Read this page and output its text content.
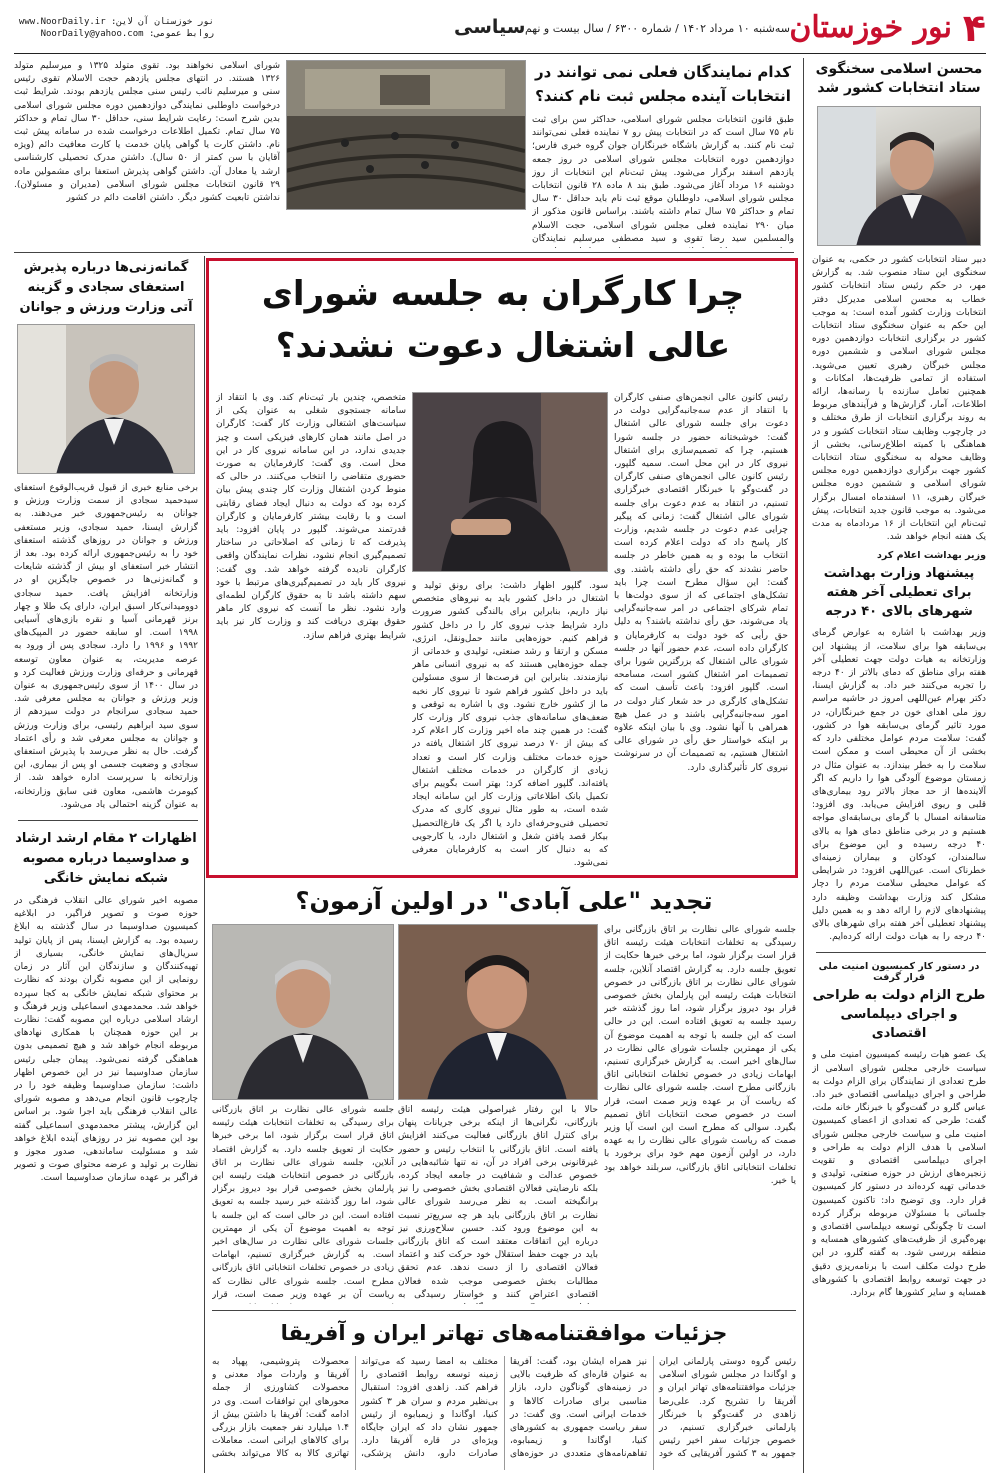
۴
نور خوزستان
سه‌شنبه ۱۰ مرداد ۱۴۰۲ / شماره ۶۳۰۰ / سال بیست و نهم
سیاسی
نور خوزستان آن لاین: www.NoorDaily.ir
روابط عمومی: NoorDaily@yahoo.com
محسن اسلامی سخنگوی ستاد انتخابات کشور شد
دبیر ستاد انتخابات کشور در حکمی، به عنوان سخنگوی این ستاد منصوب شد. به گزارش مهر، در حکم رئیس ستاد انتخابات کشور خطاب به محسن اسلامی مدیرکل دفتر انتخابات وزارت کشور آمده است: به موجب این حکم به عنوان سخنگوی ستاد انتخابات کشور در برگزاری انتخابات دوازدهمین دوره مجلس شورای اسلامی و ششمین دوره مجلس خبرگان رهبری تعیین می‌شوید. استفاده از تمامی ظرفیت‌ها، امکانات و همچنین تعامل سازنده با رسانه‌ها، ارائه اطلاعات، آمار، گزارش‌ها و فرآیندهای مربوط به روند برگزاری انتخابات از طرق مختلف و در چارچوب وظایف ستاد انتخابات کشور و در هماهنگی با کمیته اطلاع‌رسانی، بخشی از وظایف محوله به سخنگوی ستاد انتخابات کشور جهت برگزاری دوازدهمین دوره مجلس شورای اسلامی و ششمین دوره مجلس خبرگان رهبری، ۱۱ اسفندماه امسال برگزار می‌شود. به موجب قانون جدید انتخابات، پیش ثبت‌نام این انتخابات از ۱۶ مردادماه به مدت یک هفته انجام خواهد شد.
وزیر بهداشت اعلام کرد
پیشنهاد وزارت بهداشت برای تعطیلی آخر هفته شهرهای بالای ۴۰ درجه
وزیر بهداشت با اشاره به عوارض گرمای بی‌سابقه هوا برای سلامت، از پیشنهاد این وزارتخانه به هیات دولت جهت تعطیلی آخر هفته برای مناطق که دمای بالاتر از ۴۰ درجه را تجربه می‌کنند خبر داد. به گزارش ایسنا، دکتر بهرام عین‌اللهی امروز در حاشیه مراسم روز ملی اهدای خون در جمع خبرنگاران، در مورد تاثیر گرمای بی‌سابقه هوا در کشور، گفت: سلامت مردم عوامل مختلفی دارد که بخشی از آن محیطی است و ممکن است سلامت را به خطر بیندازد. به عنوان مثال در زمستان موضوع آلودگی هوا را داریم که اگر آلاینده‌ها از حد مجاز بالاتر رود بیماری‌های قلبی و ریوی افزایش می‌یابد. وی افزود: متاسفانه امسال با گرمای بی‌سابقه‌ای مواجه هستیم و در برخی مناطق دمای هوا به بالای ۴۰ درجه رسیده و این موضوع برای سالمندان، کودکان و بیماران زمینه‌ای خطرناک است. عین‌اللهی افزود: در شرایطی که عوامل محیطی سلامت مردم را دچار مشکل کند وزارت بهداشت وظیفه دارد پیشنهادهای لازم را ارائه دهد و به همین دلیل پیشنهاد تعطیلی آخر هفته برای شهرهای بالای ۴۰ درجه را به هیات دولت ارائه کرده‌ایم.
در دستور کار کمیسیون امنیت ملی قرار گرفت
طرح الزام دولت به طراحی و اجرای دیپلماسی اقتصادی
یک عضو هیات رئیسه کمیسیون امنیت ملی و سیاست خارجی مجلس شورای اسلامی از طرح تعدادی از نمایندگان برای الزام دولت به طراحی و اجرای دیپلماسی اقتصادی خبر داد. عباس گلرو در گفت‌وگو با خبرنگار خانه ملت، گفت: طرحی که تعدادی از اعضای کمیسیون امنیت ملی و سیاست خارجی مجلس شورای اسلامی با هدف الزام دولت به طراحی و اجرای دیپلماسی اقتصادی و تقویت زنجیره‌های ارزش در حوزه صنعتی، تولیدی و خدماتی تهیه کرده‌اند در دستور کار کمیسیون قرار دارد. وی توضیح داد: تاکنون کمیسیون جلساتی با مسئولان مربوطه برگزار کرده است تا چگونگی توسعه دیپلماسی اقتصادی و بهره‌گیری از ظرفیت‌های کشورهای همسایه و منطقه بررسی شود. به گفته گلرو، در این طرح دولت مکلف است با برنامه‌ریزی دقیق در جهت توسعه روابط اقتصادی با کشورهای همسایه و سایر کشورها گام بردارد.
کدام نمایندگان فعلی نمی توانند در انتخابات آینده مجلس ثبت نام کنند؟
طبق قانون انتخابات مجلس شورای اسلامی، حداکثر سن برای ثبت نام ۷۵ سال است که در انتخابات پیش رو ۷ نماینده فعلی نمی‌توانند ثبت نام کنند. به گزارش باشگاه خبرنگاران جوان گروه خبری فارس؛ دوازدهمین دوره انتخابات مجلس شورای اسلامی در روز جمعه یازدهم اسفند برگزار می‌شود. پیش ثبت‌نام این انتخابات از روز دوشنبه ۱۶ مرداد آغاز می‌شود. طبق بند ۸ ماده ۲۸ قانون انتخابات مجلس شورای اسلامی، داوطلبان موقع ثبت نام باید حداقل ۳۰ سال تمام و حداکثر ۷۵ سال تمام داشته باشند. براساس قانون مذکور از میان ۲۹۰ نماینده فعلی مجلس شورای اسلامی، حجت الاسلام والمسلمین سید رضا تقوی و سید مصطفی میرسلیم نمایندگان
شورای اسلامی نخواهند بود. تقوی متولد ۱۳۲۵ و میرسلیم متولد ۱۳۲۶ هستند. در انتهای مجلس یازدهم حجت الاسلام تقوی رئیس سنی و میرسلیم نائب رئیس سنی مجلس یازدهم بودند. شرایط ثبت درخواست داوطلبی نمایندگی دوازدهمین دوره مجلس شورای اسلامی بدین شرح است: رعایت شرایط سنی، حداقل ۳۰ سال تمام و حداکثر ۷۵ سال تمام. تکمیل اطلاعات درخواست شده در سامانه پیش ثبت نام. داشتن کارت یا گواهی پایان خدمت یا کارت معافیت دائم (ویژه آقایان با سن کمتر از ۵۰ سال). داشتن مدرک تحصیلی کارشناسی ارشد یا معادل آن. داشتن گواهی پذیرش استعفا برای مشمولین ماده ۲۹ قانون انتخابات مجلس شورای اسلامی (مدیران و مسئولان). نداشتن تابعیت کشور دیگر. داشتن اقامت دائم در کشور
گمانه‌زنی‌ها درباره پذیرش استعفای سجادی و گزینه آتی وزارت ورزش و جوانان
برخی منابع خبری از قبول قریب‌الوقوع استعفای سیدحمید سجادی از سمت وزارت ورزش و جوانان به رئیس‌جمهوری خبر می‌دهند. به گزارش ایسنا، حمید سجادی، وزیر مستعفی ورزش و جوانان در روزهای گذشته استعفای خود را به رئیس‌جمهوری ارائه کرده بود. بعد از انتشار خبر استعفای او بیش از گذشته شایعات و گمانه‌زنی‌ها در خصوص جایگزین او در وزارتخانه افزایش یافت. حمید سجادی دوومیدانی‌کار اسبق ایران، دارای یک طلا و چهار برنز قهرمانی آسیا و نقره بازی‌های آسیایی ۱۹۹۸ است. او سابقه حضور در المپیک‌های ۱۹۹۲ و ۱۹۹۶ را دارد. سجادی پس از ورود به عرصه مدیریت، به عنوان معاون توسعه قهرمانی و حرفه‌ای وزارت ورزش فعالیت کرد و در سال ۱۴۰۰ از سوی رئیس‌جمهوری به عنوان وزیر ورزش و جوانان به مجلس معرفی شد. حمید سجادی سرانجام در دولت سیزدهم از سوی سید ابراهیم رئیسی، برای وزارت ورزش و جوانان به مجلس معرفی شد و رأی اعتماد گرفت. حال به نظر می‌رسد با پذیرش استعفای سجادی و وضعیت جسمی او پس از بیماری، این وزارتخانه با سرپرست اداره خواهد شد. از کیومرث هاشمی، معاون فنی سابق وزارتخانه، به عنوان گزینه احتمالی یاد می‌شود.
اظهارات ۲ مقام ارشد ارشاد و صداوسیما درباره مصوبه شبکه نمایش خانگی
مصوبه اخیر شورای عالی انقلاب فرهنگی در حوزه صوت و تصویر فراگیر، در ابلاغیه کمیسیون صداوسیما در سال گذشته به ابلاغ رسیده بود. به گزارش ایسنا، پس از پایان تولید سریال‌های نمایش خانگی، بسیاری از تهیه‌کنندگان و سازندگان این آثار در زمان رونمایی از این مصوبه نگران بودند که نظارت بر محتوای شبکه نمایش خانگی به کجا سپرده خواهد شد. محمدمهدی اسماعیلی وزیر فرهنگ و ارشاد اسلامی درباره این مصوبه گفت: نظارت بر این حوزه همچنان با همکاری نهادهای مربوطه انجام خواهد شد و هیچ تصمیمی بدون هماهنگی گرفته نمی‌شود. پیمان جبلی رئیس سازمان صداوسیما نیز در این خصوص اظهار داشت: سازمان صداوسیما وظیفه خود را در چارچوب قانون انجام می‌دهد و مصوبه شورای عالی انقلاب فرهنگی باید اجرا شود. بر اساس این گزارش، پیشتر محمدمهدی اسماعیلی گفته بود این مصوبه نیز در روزهای آینده ابلاغ خواهد شد و مسئولیت ساماندهی، صدور مجوز و نظارت بر تولید و عرضه محتوای صوت و تصویر فراگیر بر عهده سازمان صداوسیما است.
چرا کارگران به جلسه شورای عالی اشتغال دعوت نشدند؟
رئیس کانون عالی انجمن‌های صنفی کارگران با انتقاد از عدم سه‌جانبه‌گرایی دولت در دعوت برای جلسه شورای عالی اشتغال گفت: خوشبختانه حضور در جلسه شورا هستیم، چرا که تصمیم‌سازی برای اشتغال نیروی کار در این محل است. سمیه گلپور، رئیس کانون عالی انجمن‌های صنفی کارگران در گفت‌وگو با خبرنگار اقتصادی خبرگزاری تسنیم، در انتقاد به عدم دعوت برای جلسه شورای عالی اشتغال گفت: زمانی که پیگیر چرایی عدم دعوت در جلسه شدیم، وزارت کار پاسخ داد که دولت اعلام کرده است انتخاب ما بوده و به همین خاطر در جلسه حاضر نشدند که حق رأی داشته باشند. وی گفت: این سؤال مطرح است چرا باید تشکل‌های اجتماعی که از سوی دولت‌ها با تمام شرکای اجتماعی در امر سه‌جانبه‌گرایی یاد می‌شوند، حق رأی نداشته باشند؟ به دلیل حق رأیی که خود دولت به کارفرمایان و کارگران داده است، عدم حضور آنها در جلسه شورای عالی اشتغال که بزرگترین شورا برای تصمیمات امر اشتغال کشور است، مسامحه است. گلپور افزود: باعث تأسف است که تشکل‌های کارگری در حد شعار کنار دولت در امور سه‌جانبه‌گرایی باشند و در عمل هیچ همراهی با آنها نشود. وی با بیان اینکه علاوه بر اینکه خواستار حق رأی در شورای عالی اشتغال هستیم، به تصمیمات آن در سرنوشت نیروی کار تأثیرگذاری دارد.
سود. گلپور اظهار داشت: برای رونق تولید و اشتغال در داخل کشور باید به نیروهای متخصص نیاز داریم، بنابراین برای بالندگی کشور ضرورت دارد شرایط جذب نیروی کار را در داخل کشور فراهم کنیم. حوزه‌هایی مانند حمل‌ونقل، انرژی، مسکن و ارتقا و رشد صنعتی، تولیدی و خدماتی از جمله حوزه‌هایی هستند که به نیروی انسانی ماهر نیازمندند. بنابراین این فرصت‌ها از سوی مسئولین باید در داخل کشور فراهم شود تا نیروی کار نخبه ما از کشور خارج نشود. وی با اشاره به توقعی و ضعف‌های سامانه‌های جذب نیروی کار وزارت کار گفت: در همین چند ماه اخیر وزارت کار اعلام کرد که بیش از ۷۰ درصد نیروی کار اشتغال یافته در حوزه خدمات مختلف وزارت کار است و تعداد زیادی از کارگران در خدمات مختلف اشتغال یافته‌اند. گلپور اضافه کرد: بهتر است بگوییم برای تکمیل بانک اطلاعاتی وزارت کار این سامانه ایجاد شده است، به طور مثال نیروی کاری که مدرک تحصیلی فنی‌وحرفه‌ای دارد یا اگر یک فارغ‌التحصیل بیکار قصد یافتن شغل و اشتغال دارد، یا کارجویی که به دنبال کار است به کارفرمایان معرفی نمی‌شود.
متخصص، چندین بار ثبت‌نام کند. وی با انتقاد از سامانه جستجوی شغلی به عنوان یکی از سیاست‌های اشتغالی وزارت کار گفت: کارگران در اصل مانند همان کارهای فیزیکی است و چیز جدیدی ندارد، در این سامانه نیروی کار در این محل است. وی گفت: کارفرمایان به صورت حضوری متقاضی را انتخاب می‌کنند. در حالی که منوط کردن اشتغال وزارت کار چندی پیش بیان کرده بود که دولت به دنبال ایجاد فضای رقابتی است و با رقابت بیشتر کارفرمایان و کارگران قدرتمند می‌شوند. گلپور در پایان افزود: باید پذیرفت که تا زمانی که اصلاحاتی در ساختار تصمیم‌گیری انجام نشود، نظرات نمایندگان واقعی کارگران نادیده گرفته خواهد شد. وی گفت: نیروی کار باید در تصمیم‌گیری‌های مرتبط با خود سهم داشته باشد تا به حقوق کارگران لطمه‌ای وارد نشود. نظر ما آنست که نیروی کار ماهر حقوق بهتری دریافت کند و وزارت کار نیز باید شرایط بهتری فراهم سازد.
تجدید "علی آبادی" در اولین آزمون؟
جلسه شورای عالی نظارت بر اتاق بازرگانی برای رسیدگی به تخلفات انتخابات هیئت رئیسه اتاق قرار است برگزار شود، اما برخی خبرها حکایت از تعویق جلسه دارد. به گزارش اقتصاد آنلاین، جلسه شورای عالی نظارت بر اتاق بازرگانی در خصوص انتخابات هیئت رئیسه این پارلمان بخش خصوصی قرار بود دیروز برگزار شود، اما روز گذشته خبر رسید جلسه به تعویق افتاده است. این در حالی است که این جلسه با توجه به اهمیت موضوع آن یکی از مهمترین جلسات شورای عالی نظارت در سال‌های اخیر است. به گزارش خبرگزاری تسنیم، ابهامات زیادی در خصوص تخلفات انتخاباتی اتاق بازرگانی مطرح است. جلسه شورای عالی نظارت که ریاست آن بر عهده وزیر صمت است، قرار است در خصوص صحت انتخابات اتاق تصمیم بگیرد. سوالی که مطرح است این است آیا وزیر صمت که ریاست شورای عالی نظارت را به عهده دارد، در اولین آزمون مهم خود برای برخورد با تخلفات انتخاباتی اتاق بازرگانی، سربلند خواهد بود یا خیر.
حالا با این رفتار غیراصولی هیئت رئیسه اتاق بازرگانی، نگرانی‌ها از اینکه برخی جریانات پنهان برای کنترل اتاق بازرگانی فعالیت می‌کنند افزایش یافته است. اتاق بازرگانی با انتخاب رئیس و حضور غیرقانونی برخی افراد در آن، نه تنها شائبه‌هایی در خصوص عدالت و شفافیت در جامعه ایجاد کرده، بلکه نارضایتی فعالان اقتصادی بخش خصوصی را نیز برانگیخته است. به نظر می‌رسد شورای عالی نظارت بر اتاق بازرگانی باید هر چه سریع‌تر نسبت به این موضوع ورود کند. حسین سلاح‌ورزی نیز درباره این اتفاقات معتقد است که اتاق بازرگانی باید در جهت حفظ استقلال خود حرکت کند و اعتماد فعالان اقتصادی را از دست ندهد. عدم تحقق مطالبات بخش خصوصی موجب شده فعالان اقتصادی اعتراض کنند و خواستار رسیدگی به
جلسه شورای عالی نظارت بر اتاق بازرگانی برای رسیدگی به تخلفات انتخابات هیئت رئیسه اتاق قرار است برگزار شود، اما برخی خبرها حکایت از تعویق جلسه دارد. به گزارش اقتصاد آنلاین، جلسه شورای عالی نظارت بر اتاق بازرگانی در خصوص انتخابات هیئت رئیسه این پارلمان بخش خصوصی قرار بود دیروز برگزار شود، اما روز گذشته خبر رسید جلسه به تعویق افتاده است. این در حالی است که این جلسه با توجه به اهمیت موضوع آن یکی از مهمترین جلسات شورای عالی نظارت در سال‌های اخیر است. به گزارش خبرگزاری تسنیم، ابهامات زیادی در خصوص تخلفات انتخاباتی اتاق بازرگانی مطرح است. جلسه شورای عالی نظارت که ریاست آن بر عهده وزیر صمت است، قرار
جزئیات موافقتنامه‌های تهاتر ایران و آفریقا
رئیس گروه دوستی پارلمانی ایران و اوگاندا در مجلس شورای اسلامی جزئیات موافقتنامه‌های تهاتر ایران و آفریقا را تشریح کرد. علی‌رضا زاهدی در گفت‌وگو با خبرنگار پارلمانی خبرگزاری تسنیم، در خصوص جزئیات سفر اخیر رئیس جمهور به ۳ کشور آفریقایی که خود نیز همراه ایشان بود، گفت: آفریقا به عنوان قاره‌ای که ظرفیت بالایی در زمینه‌های گوناگون دارد، بازار مناسبی برای صادرات کالاها و خدمات ایرانی است. وی گفت: در سفر ریاست جمهوری به کشورهای کنیا، اوگاندا و زیمبابوه، تفاهم‌نامه‌های متعددی در حوزه‌های مختلف به امضا رسید که می‌تواند زمینه توسعه روابط اقتصادی را فراهم کند. زاهدی افزود: استقبال بی‌نظیر مردم و سران هر ۳ کشور کنیا، اوگاندا و زیمبابوه از رئیس جمهور نشان داد که ایران جایگاه ویژه‌ای در قاره آفریقا دارد. صادرات دارو، دانش پزشکی، محصولات پتروشیمی، پهپاد به آفریقا و واردات مواد معدنی و محصولات کشاورزی از جمله محورهای این توافقات است. وی در ادامه گفت: آفریقا با داشتن بیش از ۱.۴ میلیارد نفر جمعیت بازار بزرگی برای کالاهای ایرانی است. معاملات تهاتری کالا به کالا می‌تواند بخشی
